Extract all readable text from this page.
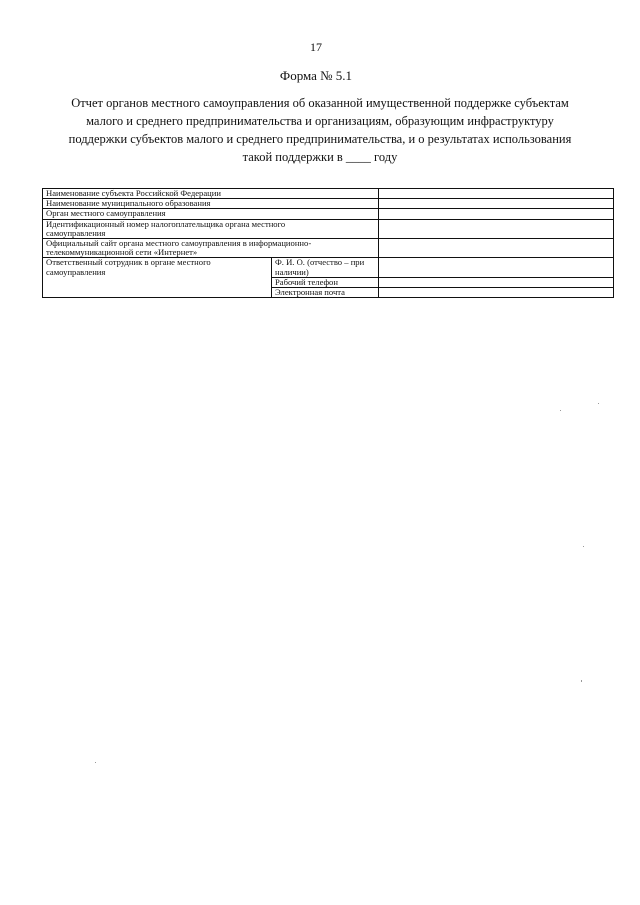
17
Форма № 5.1
Отчет органов местного самоуправления об оказанной имущественной поддержке субъектам
малого и среднего предпринимательства и организациям, образующим инфраструктуру
поддержки субъектов малого и среднего предпринимательства, и о результатах использования
такой поддержки в ____ году
Наименование субъекта Российской Федерации		
Наименование муниципального образования		
Орган местного самоуправления		
Идентификационный номер налогоплательщика органа местного самоуправления		
Официальный сайт органа местного самоуправления в информационно-телекоммуникационной сети «Интернет»		
Ответственный сотрудник в органе местного самоуправления	Ф. И. О. (отчество – при наличии)	
	Рабочий телефон	
	Электронная почта	
